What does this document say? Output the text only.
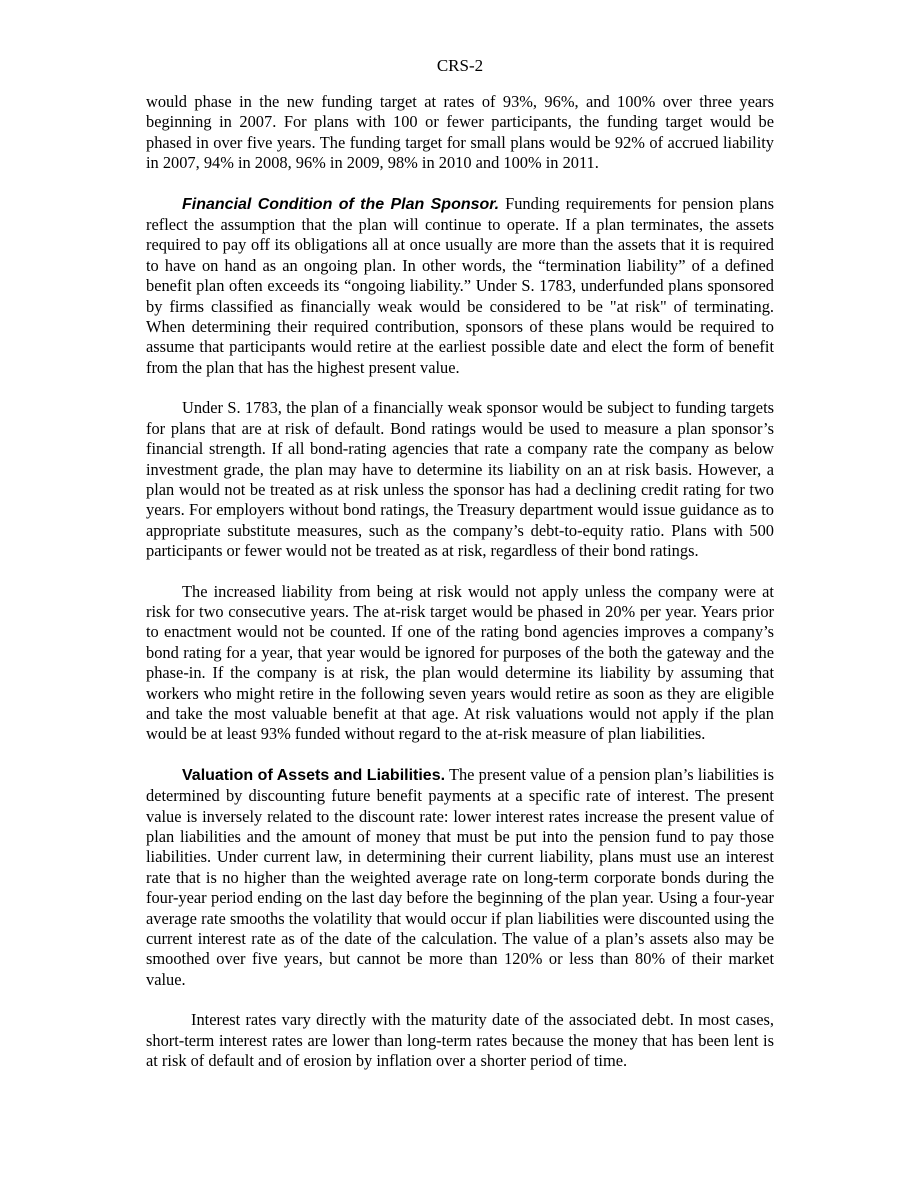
CRS-2

would phase in the new funding target at rates of 93%, 96%, and 100% over three years beginning in 2007. For plans with 100 or fewer participants, the funding target would be phased in over five years. The funding target for small plans would be 92% of accrued liability in 2007, 94% in 2008, 96% in 2009, 98% in 2010 and 100% in 2011.

Financial Condition of the Plan Sponsor. Funding requirements for pension plans reflect the assumption that the plan will continue to operate. If a plan terminates, the assets required to pay off its obligations all at once usually are more than the assets that it is required to have on hand as an ongoing plan. In other words, the “termination liability” of a defined benefit plan often exceeds its “ongoing liability.” Under S. 1783, underfunded plans sponsored by firms classified as financially weak would be considered to be "at risk" of terminating. When determining their required contribution, sponsors of these plans would be required to assume that participants would retire at the earliest possible date and elect the form of benefit from the plan that has the highest present value.

Under S. 1783, the plan of a financially weak sponsor would be subject to funding targets for plans that are at risk of default. Bond ratings would be used to measure a plan sponsor’s financial strength. If all bond-rating agencies that rate a company rate the company as below investment grade, the plan may have to determine its liability on an at risk basis. However, a plan would not be treated as at risk unless the sponsor has had a declining credit rating for two years. For employers without bond ratings, the Treasury department would issue guidance as to appropriate substitute measures, such as the company’s debt-to-equity ratio. Plans with 500 participants or fewer would not be treated as at risk, regardless of their bond ratings.

The increased liability from being at risk would not apply unless the company were at risk for two consecutive years. The at-risk target would be phased in 20% per year. Years prior to enactment would not be counted. If one of the rating bond agencies improves a company’s bond rating for a year, that year would be ignored for purposes of the both the gateway and the phase-in. If the company is at risk, the plan would determine its liability by assuming that workers who might retire in the following seven years would retire as soon as they are eligible and take the most valuable benefit at that age. At risk valuations would not apply if the plan would be at least 93% funded without regard to the at-risk measure of plan liabilities.

Valuation of Assets and Liabilities. The present value of a pension plan’s liabilities is determined by discounting future benefit payments at a specific rate of interest. The present value is inversely related to the discount rate: lower interest rates increase the present value of plan liabilities and the amount of money that must be put into the pension fund to pay those liabilities. Under current law, in determining their current liability, plans must use an interest rate that is no higher than the weighted average rate on long-term corporate bonds during the four-year period ending on the last day before the beginning of the plan year. Using a four-year average rate smooths the volatility that would occur if plan liabilities were discounted using the current interest rate as of the date of the calculation. The value of a plan’s assets also may be smoothed over five years, but cannot be more than 120% or less than 80% of their market value.

Interest rates vary directly with the maturity date of the associated debt. In most cases, short-term interest rates are lower than long-term rates because the money that has been lent is at risk of default and of erosion by inflation over a shorter period of time.
